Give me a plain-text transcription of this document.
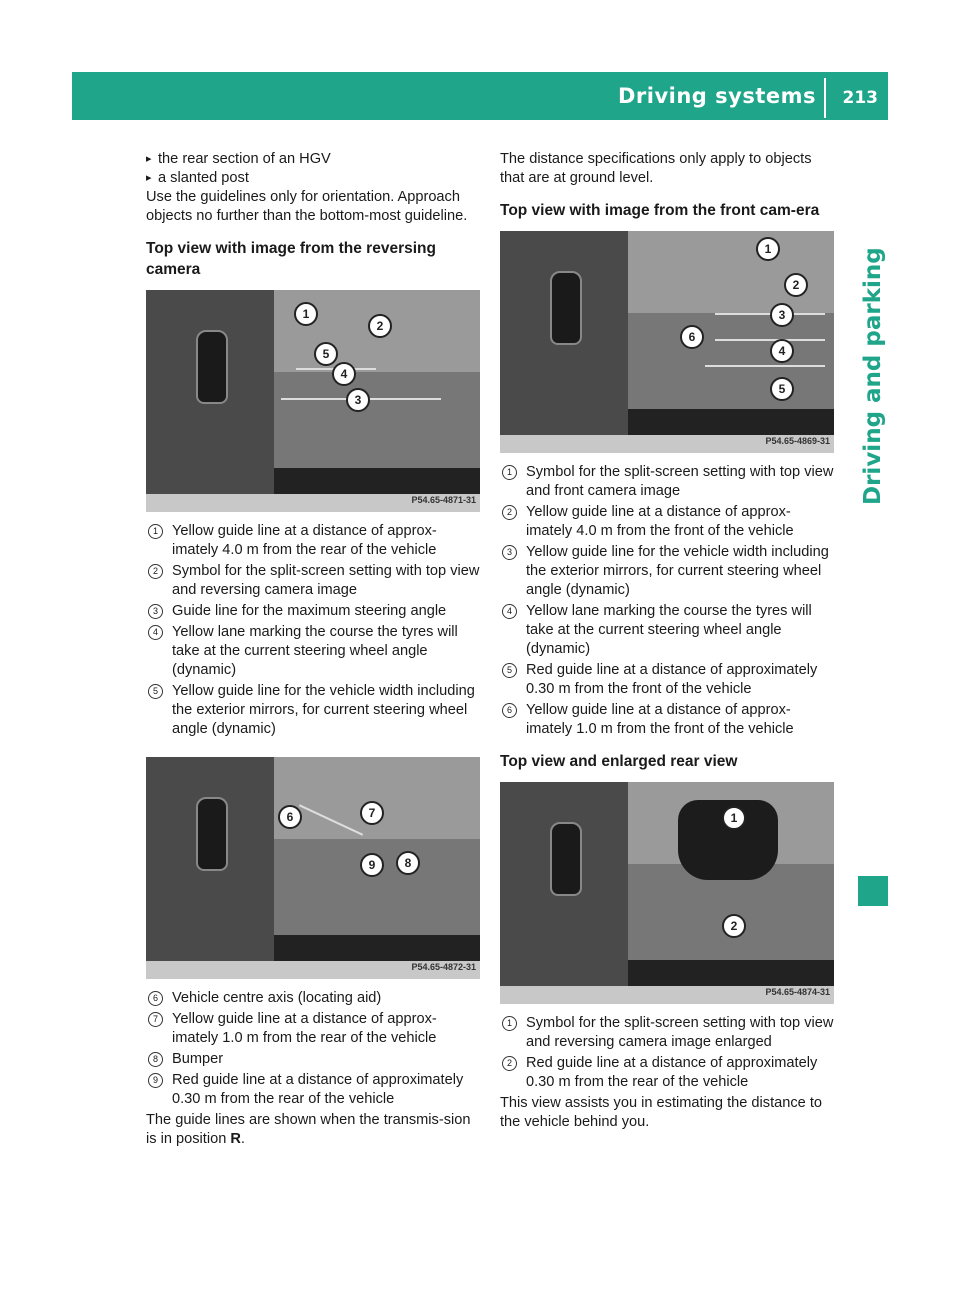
Driving systems 213
Driving and parking

▸ the rear section of an HGV

▸ a slanted post

Use the guidelines only for orientation. Approach objects no further than the bottom-most guideline.

Top view with image from the reversing camera
1
2
5
4
3
P54.65-4871-31
1 Yellow guide line at a distance of approx-imately 4.0 m from the rear of the vehicle
2 Symbol for the split-screen setting with top view and reversing camera image
3 Guide line for the maximum steering angle
4 Yellow lane marking the course the tyres will take at the current steering wheel angle (dynamic)
5 Yellow guide line for the vehicle width including the exterior mirrors, for current steering wheel angle (dynamic)
6	7
9	8
P54.65-4872-31
6 Vehicle centre axis (locating aid)
7 Yellow guide line at a distance of approx-imately 1.0 m from the rear of the vehicle
8 Bumper
9 Red guide line at a distance of approximately 0.30 m from the rear of the vehicle

The guide lines are shown when the transmis-sion is in position R.

The distance specifications only apply to objects that are at ground level.

Top view with image from the front cam-era
1
2
3
6
4
5
P54.65-4869-31
1 Symbol for the split-screen setting with top view and front camera image
2 Yellow guide line at a distance of approx-imately 4.0 m from the front of the vehicle
3 Yellow guide line for the vehicle width including the exterior mirrors, for current steering wheel angle (dynamic)
4 Yellow lane marking the course the tyres will take at the current steering wheel angle (dynamic)
5 Red guide line at a distance of approximately 0.30 m from the front of the vehicle
6 Yellow guide line at a distance of approx-imately 1.0 m from the front of the vehicle
Top view and enlarged rear view
1
2
P54.65-4874-31
1 Symbol for the split-screen setting with top view and reversing camera image enlarged
2 Red guide line at a distance of approximately 0.30 m from the rear of the vehicle

This view assists you in estimating the distance to the vehicle behind you.
